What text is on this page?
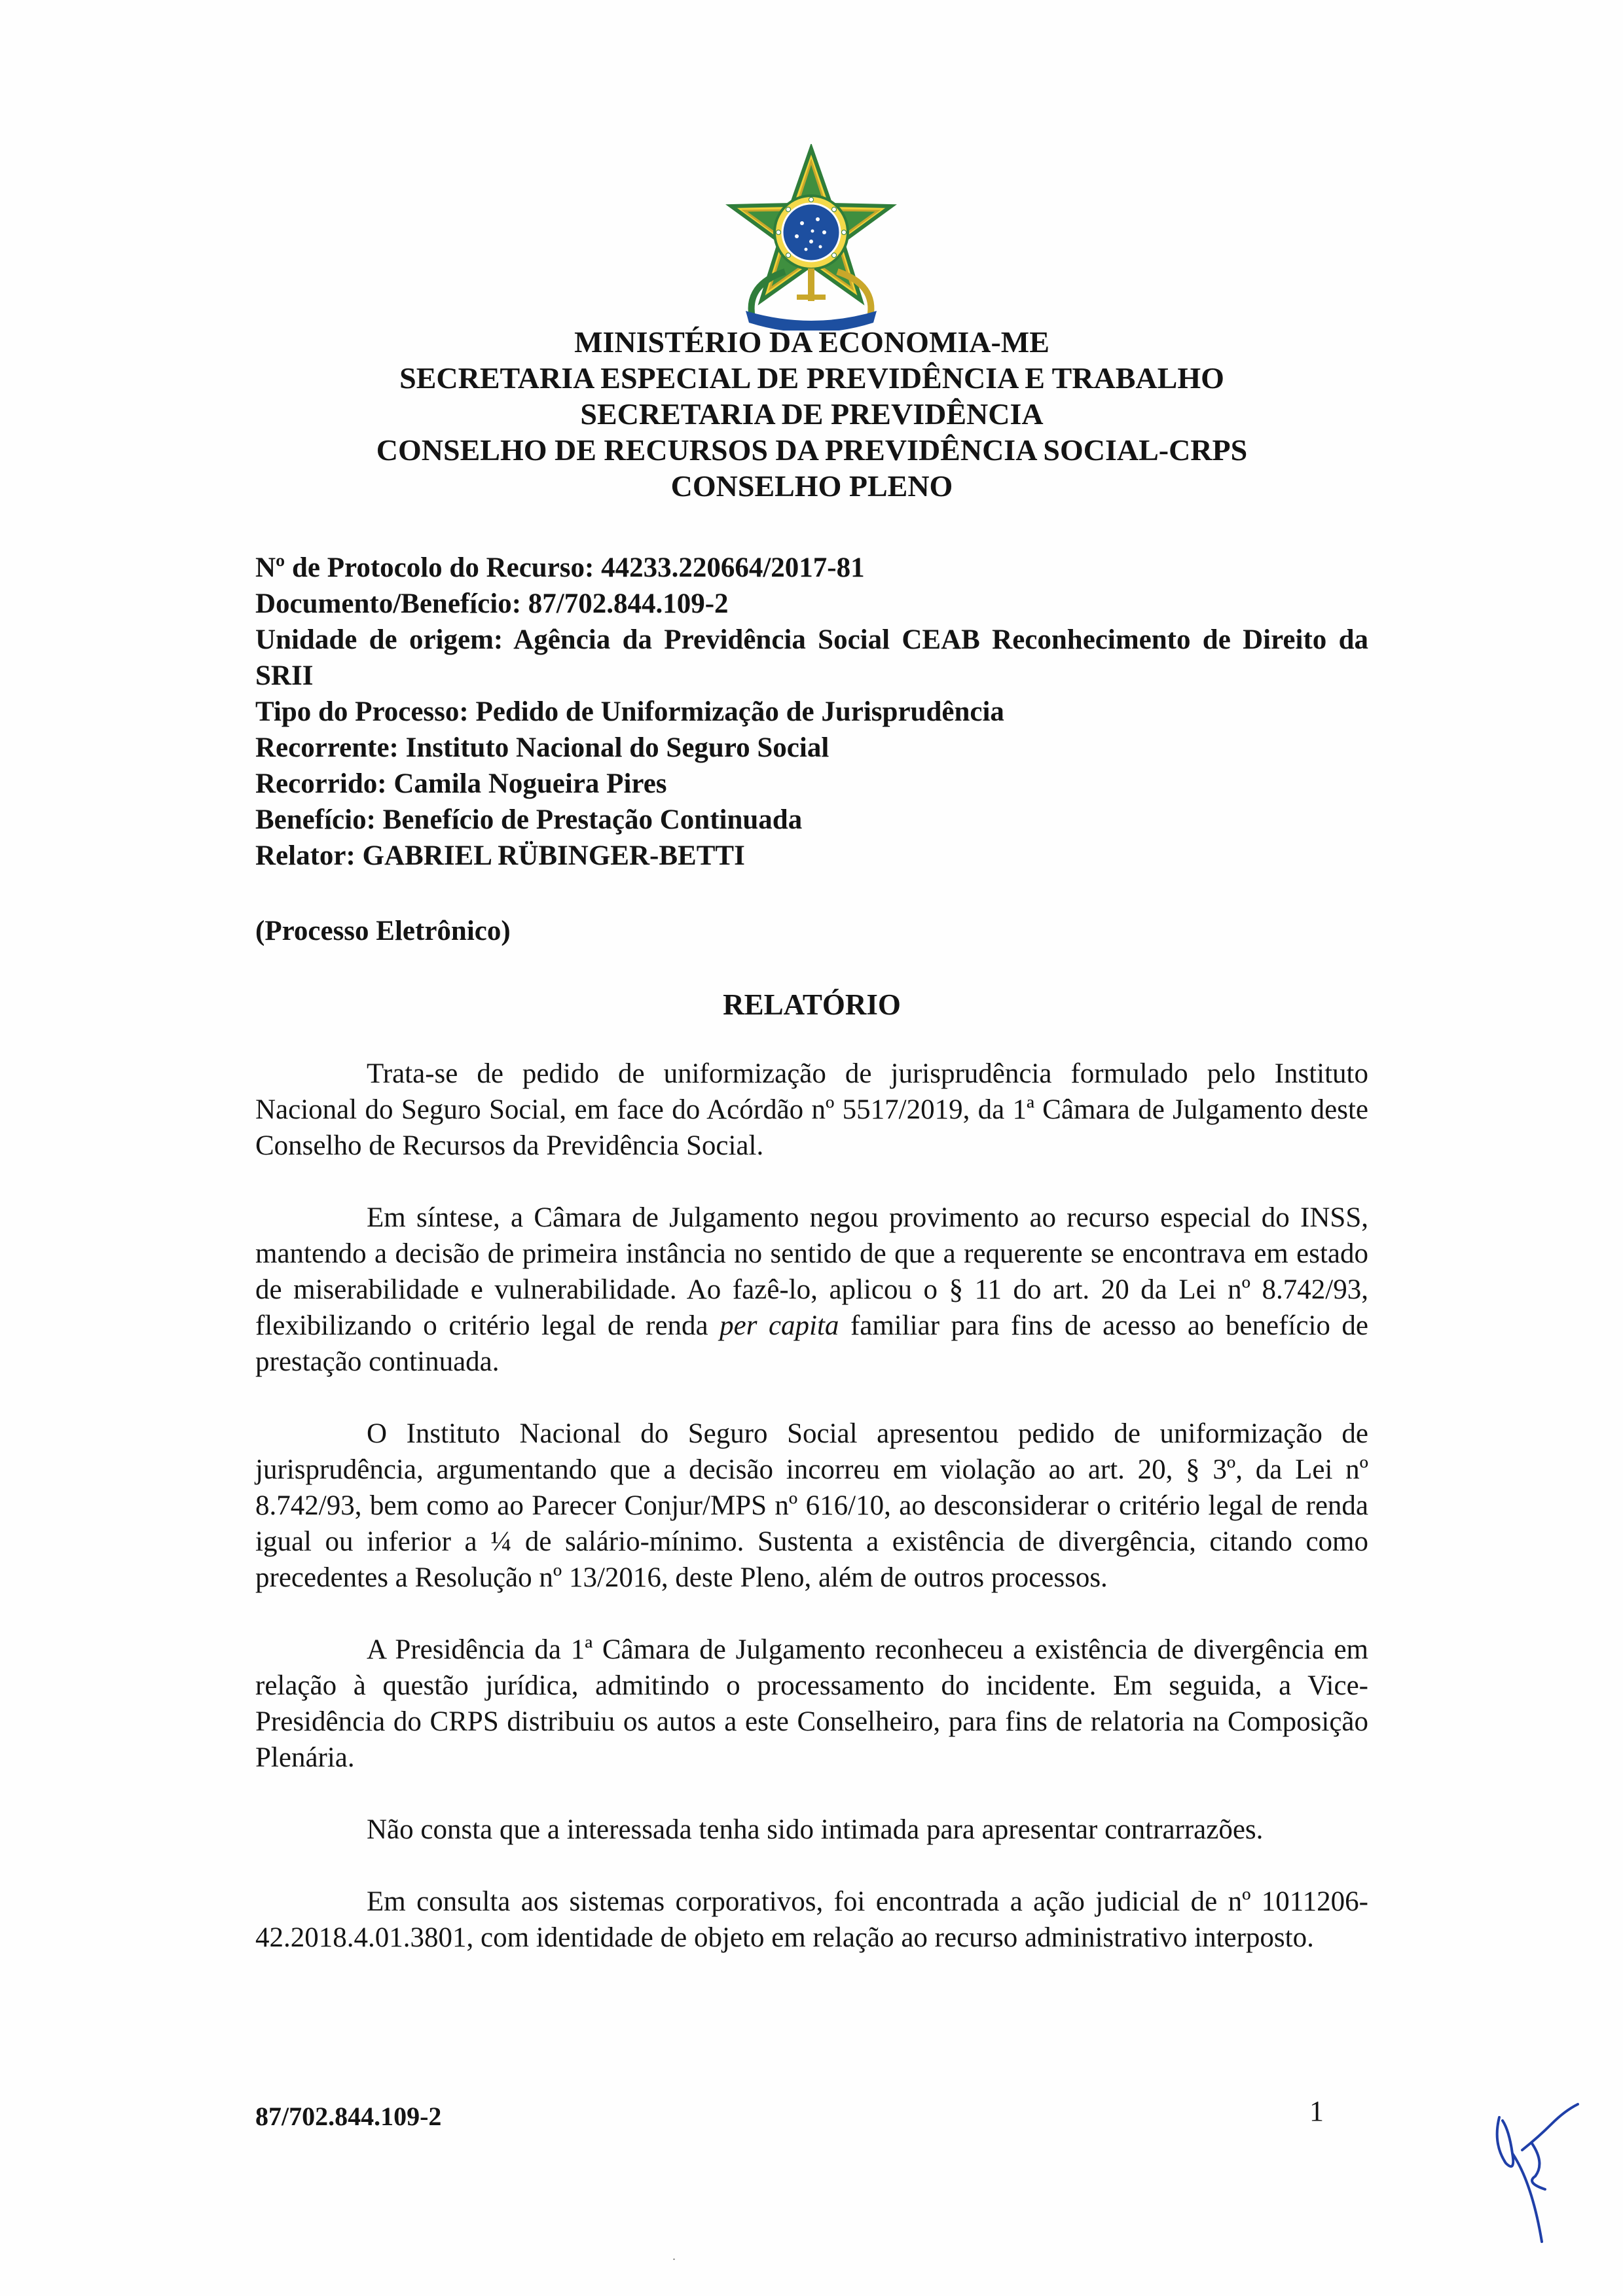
MINISTÉRIO DA ECONOMIA-ME
SECRETARIA ESPECIAL DE PREVIDÊNCIA E TRABALHO
SECRETARIA DE PREVIDÊNCIA
CONSELHO DE RECURSOS DA PREVIDÊNCIA SOCIAL-CRPS
CONSELHO PLENO
Nº de Protocolo do Recurso: 44233.220664/2017-81
Documento/Benefício: 87/702.844.109-2
Unidade de origem: Agência da Previdência Social CEAB Reconhecimento de Direito da SRII
Tipo do Processo: Pedido de Uniformização de Jurisprudência
Recorrente: Instituto Nacional do Seguro Social
Recorrido: Camila Nogueira Pires
Benefício: Benefício de Prestação Continuada
Relator: GABRIEL RÜBINGER-BETTI
(Processo Eletrônico)
RELATÓRIO

Trata-se de pedido de uniformização de jurisprudência formulado pelo Instituto Nacional do Seguro Social, em face do Acórdão nº 5517/2019, da 1ª Câmara de Julgamento deste Conselho de Recursos da Previdência Social.

Em síntese, a Câmara de Julgamento negou provimento ao recurso especial do INSS, mantendo a decisão de primeira instância no sentido de que a requerente se encontrava em estado de miserabilidade e vulnerabilidade. Ao fazê-lo, aplicou o § 11 do art. 20 da Lei nº 8.742/93, flexibilizando o critério legal de renda per capita familiar para fins de acesso ao benefício de prestação continuada.

O Instituto Nacional do Seguro Social apresentou pedido de uniformização de jurisprudência, argumentando que a decisão incorreu em violação ao art. 20, § 3º, da Lei nº 8.742/93, bem como ao Parecer Conjur/MPS nº 616/10, ao desconsiderar o critério legal de renda igual ou inferior a ¼ de salário-mínimo. Sustenta a existência de divergência, citando como precedentes a Resolução nº 13/2016, deste Pleno, além de outros processos.

A Presidência da 1ª Câmara de Julgamento reconheceu a existência de divergência em relação à questão jurídica, admitindo o processamento do incidente. Em seguida, a Vice-Presidência do CRPS distribuiu os autos a este Conselheiro, para fins de relatoria na Composição Plenária.

Não consta que a interessada tenha sido intimada para apresentar contrarrazões.

Em consulta aos sistemas corporativos, foi encontrada a ação judicial de nº 1011206-42.2018.4.01.3801, com identidade de objeto em relação ao recurso administrativo interposto.

87/702.844.109-2	1
.
